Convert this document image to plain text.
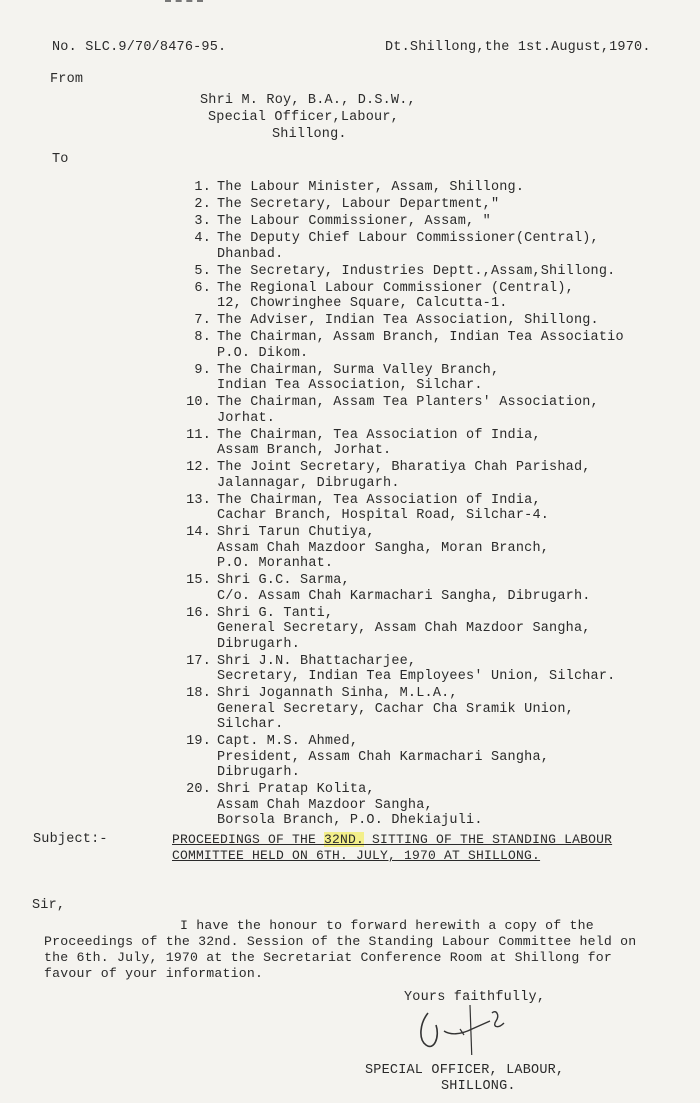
No. SLC.9/70/8476-95.	Dt.Shillong,the 1st.August,1970.
From
Shri M. Roy, B.A., D.S.W.,
Special Officer,Labour,
Shillong.
To
1. The Labour Minister, Assam, Shillong.
2. The Secretary, Labour Department,"
3. The Labour Commissioner, Assam, "
4. The Deputy Chief Labour Commissioner(Central),
Dhanbad.
5. The Secretary, Industries Deptt.,Assam,Shillong.
6. The Regional Labour Commissioner (Central),
12, Chowringhee Square, Calcutta-1.
7. The Adviser, Indian Tea Association, Shillong.
8. The Chairman, Assam Branch, Indian Tea Associatio
P.O. Dikom.
9. The Chairman, Surma Valley Branch,
Indian Tea Association, Silchar.
10. The Chairman, Assam Tea Planters' Association,
Jorhat.
11. The Chairman, Tea Association of India,
Assam Branch, Jorhat.
12. The Joint Secretary, Bharatiya Chah Parishad,
Jalannagar, Dibrugarh.
13. The Chairman, Tea Association of India,
Cachar Branch, Hospital Road, Silchar-4.
14. Shri Tarun Chutiya,
Assam Chah Mazdoor Sangha, Moran Branch,
P.O. Moranhat.
15. Shri G.C. Sarma,
C/o. Assam Chah Karmachari Sangha, Dibrugarh.
16. Shri G. Tanti,
General Secretary, Assam Chah Mazdoor Sangha,
Dibrugarh.
17. Shri J.N. Bhattacharjee,
Secretary, Indian Tea Employees' Union, Silchar.
18. Shri Jogannath Sinha, M.L.A.,
General Secretary, Cachar Cha Sramik Union,
Silchar.
19. Capt. M.S. Ahmed,
President, Assam Chah Karmachari Sangha,
Dibrugarh.
20. Shri Pratap Kolita,
Assam Chah Mazdoor Sangha,
Borsola Branch, P.O. Dhekiajuli.
Subject:-	PROCEEDINGS OF THE 32ND. SITTING OF THE STANDING LABOUR COMMITTEE HELD ON 6TH. JULY, 1970 AT SHILLONG.
Sir,
I have the honour to forward herewith a copy of the Proceedings of the 32nd. Session of the Standing Labour Committee held on the 6th. July, 1970 at the Secretariat Conference Room at Shillong for favour of your information.
Yours faithfully,
SPECIAL OFFICER, LABOUR,
SHILLONG.
